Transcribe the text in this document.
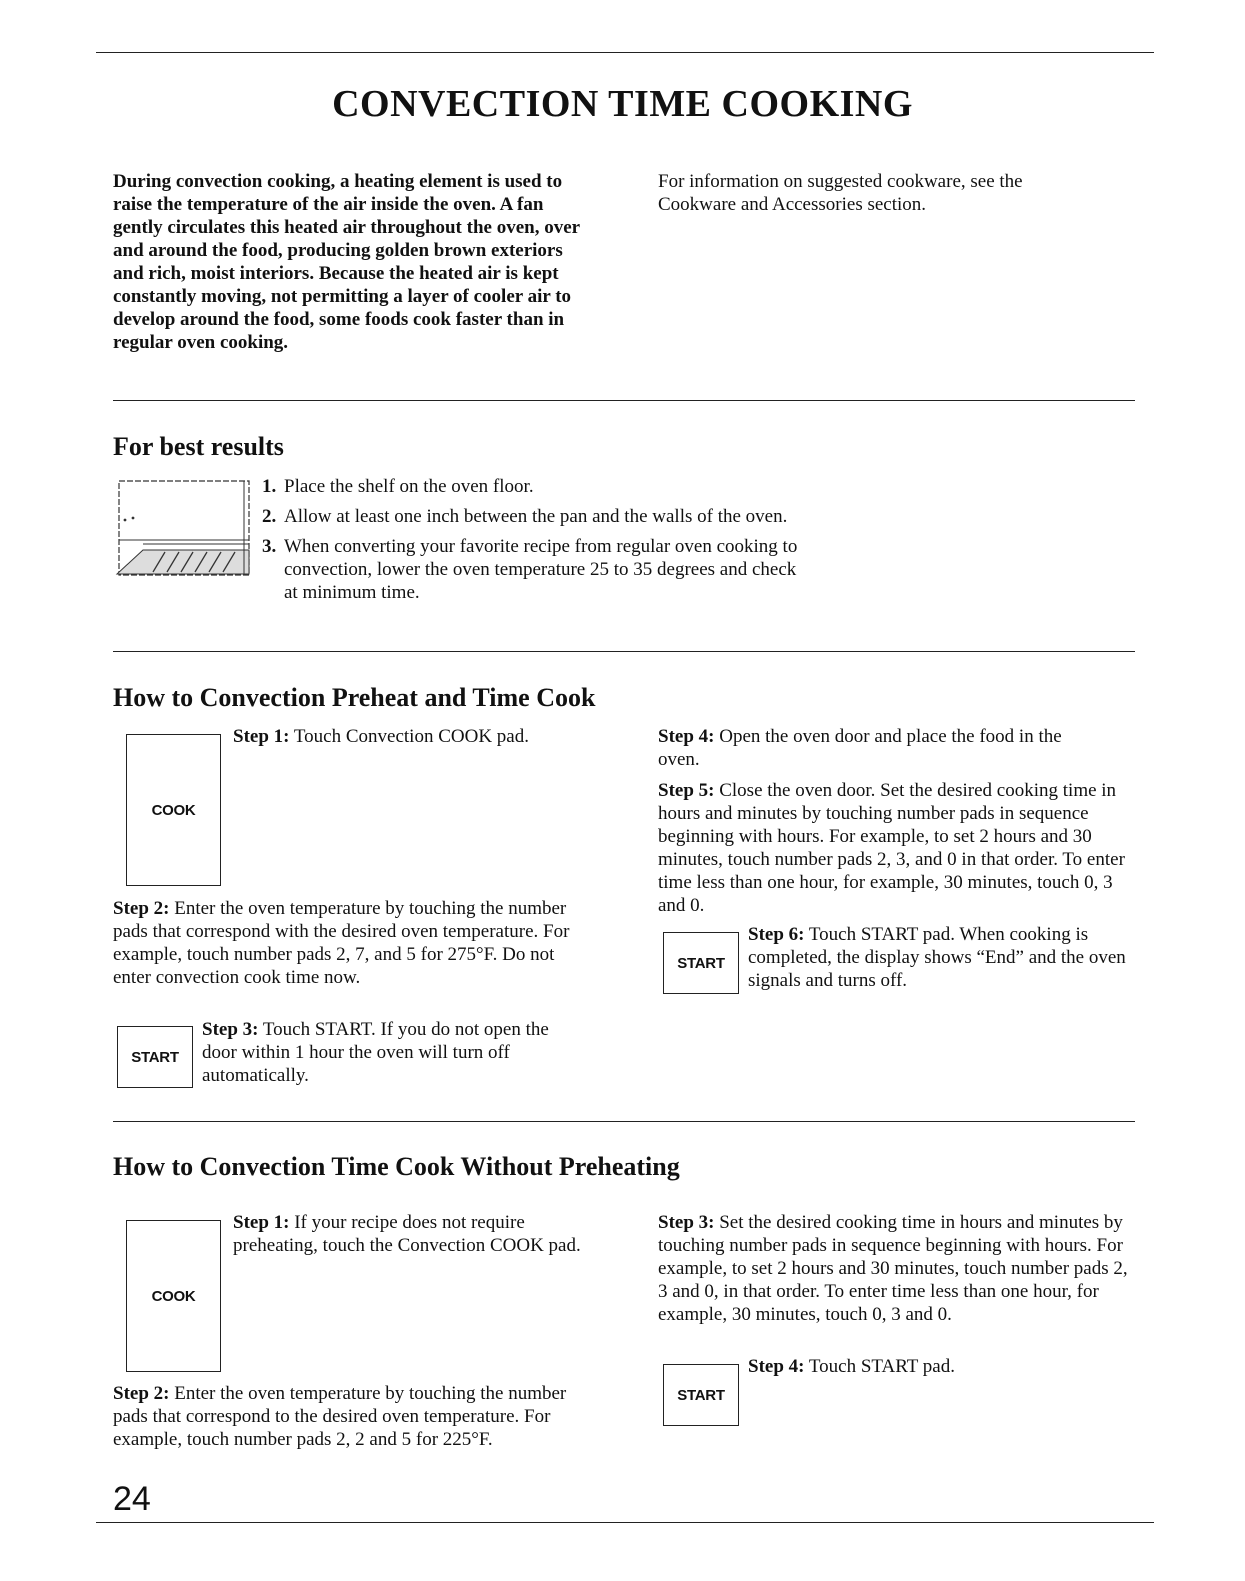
CONVECTION TIME COOKING

During convection cooking, a heating element is used to raise the temperature of the air inside the oven. A fan gently circulates this heated air throughout the oven, over and around the food, producing golden brown exteriors and rich, moist interiors. Because the heated air is kept constantly moving, not permitting a layer of cooler air to develop around the food, some foods cook faster than in regular oven cooking.

For information on suggested cookware, see the Cookware and Accessories section.

For best results
1. Place the shelf on the oven floor.
2. Allow at least one inch between the pan and the walls of the oven.
3. When converting your favorite recipe from regular oven cooking to convection, lower the oven temperature 25 to 35 degrees and check at minimum time.
How to Convection Preheat and Time Cook
COOK

Step 1: Touch Convection COOK pad.

Step 2: Enter the oven temperature by touching the number pads that correspond with the desired oven temperature. For example, touch number pads 2, 7, and 5 for 275°F. Do not enter convection cook time now.

START

Step 3: Touch START. If you do not open the door within 1 hour the oven will turn off automatically.

Step 4: Open the oven door and place the food in the oven.

Step 5: Close the oven door. Set the desired cooking time in hours and minutes by touching number pads in sequence beginning with hours. For example, to set 2 hours and 30 minutes, touch number pads 2, 3, and 0 in that order. To enter time less than one hour, for example, 30 minutes, touch 0, 3 and 0.

START

Step 6: Touch START pad. When cooking is completed, the display shows “End” and the oven signals and turns off.

How to Convection Time Cook Without Preheating
COOK

Step 1: If your recipe does not require preheating, touch the Convection COOK pad.

Step 2: Enter the oven temperature by touching the number pads that correspond to the desired oven temperature. For example, touch number pads 2, 2 and 5 for 225°F.

Step 3: Set the desired cooking time in hours and minutes by touching number pads in sequence beginning with hours. For example, to set 2 hours and 30 minutes, touch number pads 2, 3 and 0, in that order. To enter time less than one hour, for example, 30 minutes, touch 0, 3 and 0.

START

Step 4: Touch START pad.

24
